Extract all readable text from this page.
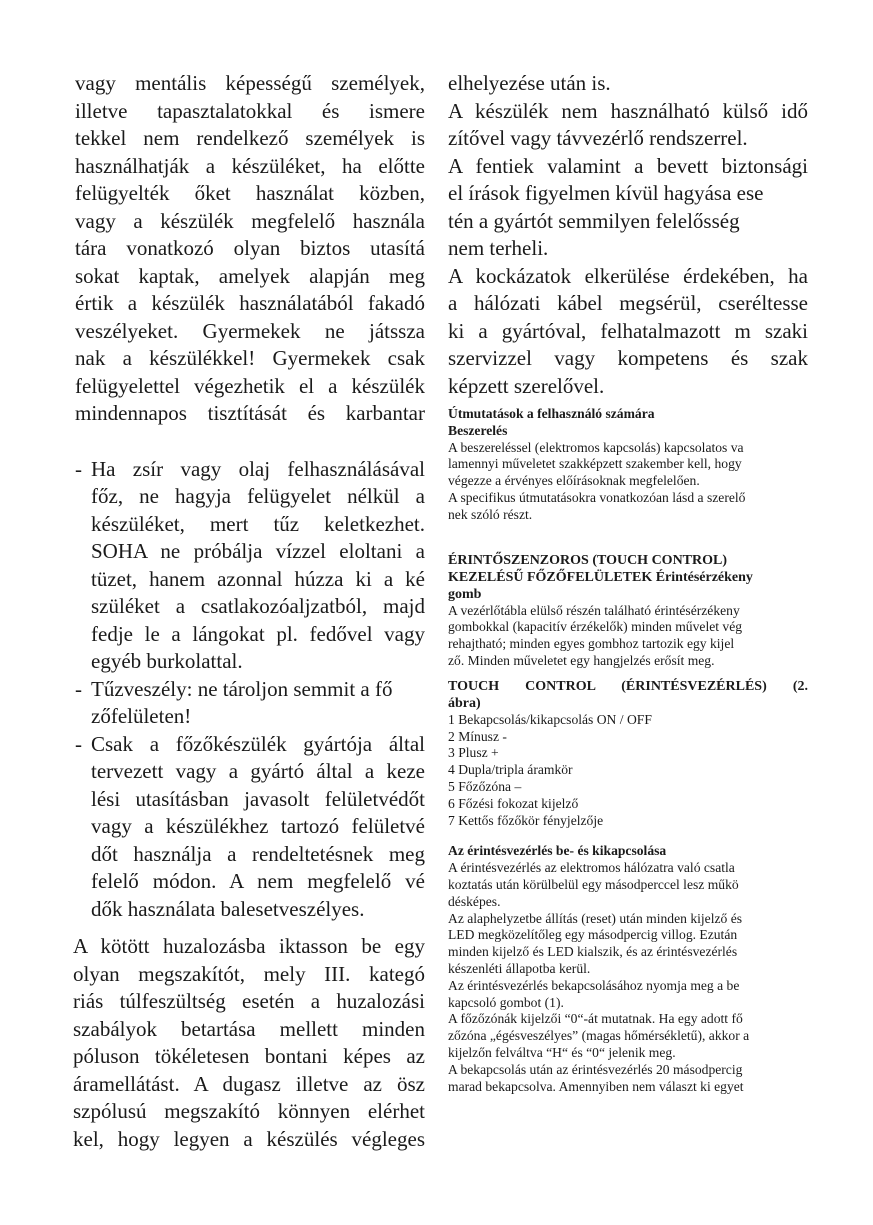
vagy mentális képességű személyek,
illetve tapasztalatokkal és ismere
tekkel nem rendelkező személyek is
használhatják a készüléket, ha előtte
felügyelték őket használat közben,
vagy a készülék megfelelő használa
tára vonatkozó olyan biztos utasítá
sokat kaptak, amelyek alapján meg
értik a készülék használatából fakadó
veszélyeket. Gyermekek ne játssza
nak a készülékkel! Gyermekek csak
felügyelettel végezhetik el a készülék
mindennapos tisztítását és karbantar
- Ha zsír vagy olaj felhasználásával
főz, ne hagyja felügyelet nélkül a
készüléket, mert tűz keletkezhet.
SOHA ne próbálja vízzel eloltani a
tüzet, hanem azonnal húzza ki a ké
szüléket a csatlakozóaljzatból, majd
fedje le a lángokat pl. fedővel vagy
egyéb burkolattal.
- Tűzveszély: ne tároljon semmit a fő
zőfelületen!
- Csak a főzőkészülék gyártója által
tervezett vagy a gyártó által a keze
lési utasításban javasolt felületvédőt
vagy a készülékhez tartozó felületvé
dőt használja a rendeltetésnek meg
felelő módon. A nem megfelelő vé
dők használata balesetveszélyes.
A kötött huzalozásba iktasson be egy
olyan megszakítót, mely III. kategó
riás túlfeszültség esetén a huzalozási
szabályok betartása mellett minden
póluson tökéletesen bontani képes az
áramellátást. A dugasz illetve az ösz
szpólusú megszakító könnyen elérhet
kel, hogy legyen a készülés végleges
elhelyezése után is.
A készülék nem használható külső idő
zítővel vagy távvezérlő rendszerrel.
A fentiek valamint a bevett biztonsági
el írások figyelmen kívül hagyása ese
tén a gyártót semmilyen felelősség
nem terheli.
A kockázatok elkerülése érdekében, ha
a hálózati kábel megsérül, cseréltesse
ki a gyártóval, felhatalmazott m szaki
szervizzel vagy kompetens és szak
képzett szerelővel.
Útmutatások a felhasználó számára
Beszerelés
A beszereléssel (elektromos kapcsolás) kapcsolatos va
lamennyi műveletet szakképzett szakember kell, hogy
végezze a érvényes előírásoknak megfelelően.
A specifikus útmutatásokra vonatkozóan lásd a szerelő
nek szóló részt.
ÉRINTŐSZENZOROS (TOUCH CONTROL)
KEZELÉSŰ FŐZŐFELÜLETEK Érintésérzékeny
gomb
A vezérlőtábla elülső részén található érintésérzékeny
gombokkal (kapacitív érzékelők) minden művelet vég
rehajtható; minden egyes gombhoz tartozik egy kijel
ző. Minden műveletet egy hangjelzés erősít meg.
TOUCH CONTROL (ÉRINTÉSVEZÉRLÉS) (2.
ábra)
1 Bekapcsolás/kikapcsolás ON / OFF
2 Mínusz -
3 Plusz +
4 Dupla/tripla áramkör
5 Főzőzóna –
6 Főzési fokozat kijelző
7 Kettős főzőkör fényjelzője
Az érintésvezérlés be- és kikapcsolása
A érintésvezérlés az elektromos hálózatra való csatla
koztatás után körülbelül egy másodperccel lesz műkö
désképes.
Az alaphelyzetbe állítás (reset) után minden kijelző és
LED megközelítőleg egy másodpercig villog. Ezután
minden kijelző és LED kialszik, és az érintésvezérlés
készenléti állapotba kerül.
Az érintésvezérlés bekapcsolásához nyomja meg a be
kapcsoló gombot (1).
A főzőzónák kijelzői “0“-át mutatnak. Ha egy adott fő
zőzóna „égésveszélyes” (magas hőmérsékletű), akkor a
kijelzőn felváltva “H“ és “0“ jelenik meg.
A bekapcsolás után az érintésvezérlés 20 másodpercig
marad bekapcsolva. Amennyiben nem választ ki egyet
